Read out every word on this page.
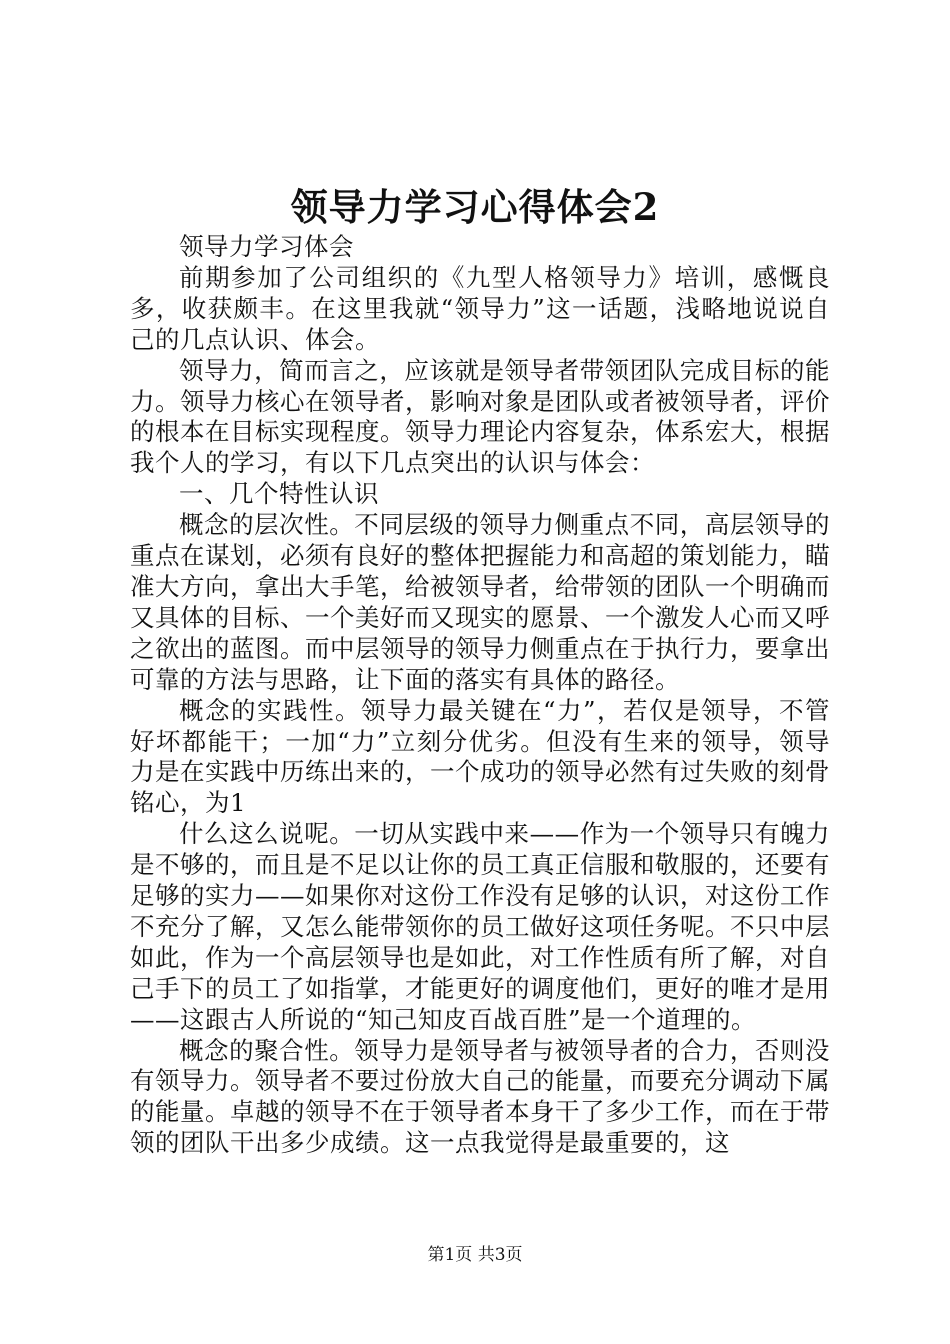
领导力学习心得体会2

领导力学习体会

前期参加了公司组织的《九型人格领导力》培训，感慨良多，收获颇丰。在这里我就“领导力”这一话题，浅略地说说自己的几点认识、体会。

领导力，简而言之，应该就是领导者带领团队完成目标的能力。领导力核心在领导者，影响对象是团队或者被领导者，评价的根本在目标实现程度。领导力理论内容复杂，体系宏大，根据我个人的学习，有以下几点突出的认识与体会：

一、几个特性认识

概念的层次性。不同层级的领导力侧重点不同，高层领导的重点在谋划，必须有良好的整体把握能力和高超的策划能力，瞄准大方向，拿出大手笔，给被领导者，给带领的团队一个明确而又具体的目标、一个美好而又现实的愿景、一个激发人心而又呼之欲出的蓝图。而中层领导的领导力侧重点在于执行力，要拿出可靠的方法与思路，让下面的落实有具体的路径。

概念的实践性。领导力最关键在“力”，若仅是领导，不管好坏都能干；一加“力”立刻分优劣。但没有生来的领导，领导力是在实践中历练出来的，一个成功的领导必然有过失败的刻骨铭心，为1

什么这么说呢。一切从实践中来——作为一个领导只有魄力是不够的，而且是不足以让你的员工真正信服和敬服的，还要有足够的实力——如果你对这份工作没有足够的认识，对这份工作不充分了解，又怎么能带领你的员工做好这项任务呢。不只中层如此，作为一个高层领导也是如此，对工作性质有所了解，对自己手下的员工了如指掌，才能更好的调度他们，更好的唯才是用——这跟古人所说的“知己知皮百战百胜”是一个道理的。

概念的聚合性。领导力是领导者与被领导者的合力，否则没有领导力。领导者不要过份放大自己的能量，而要充分调动下属的能量。卓越的领导不在于领导者本身干了多少工作，而在于带领的团队干出多少成绩。这一点我觉得是最重要的，这

第1页 共3页
